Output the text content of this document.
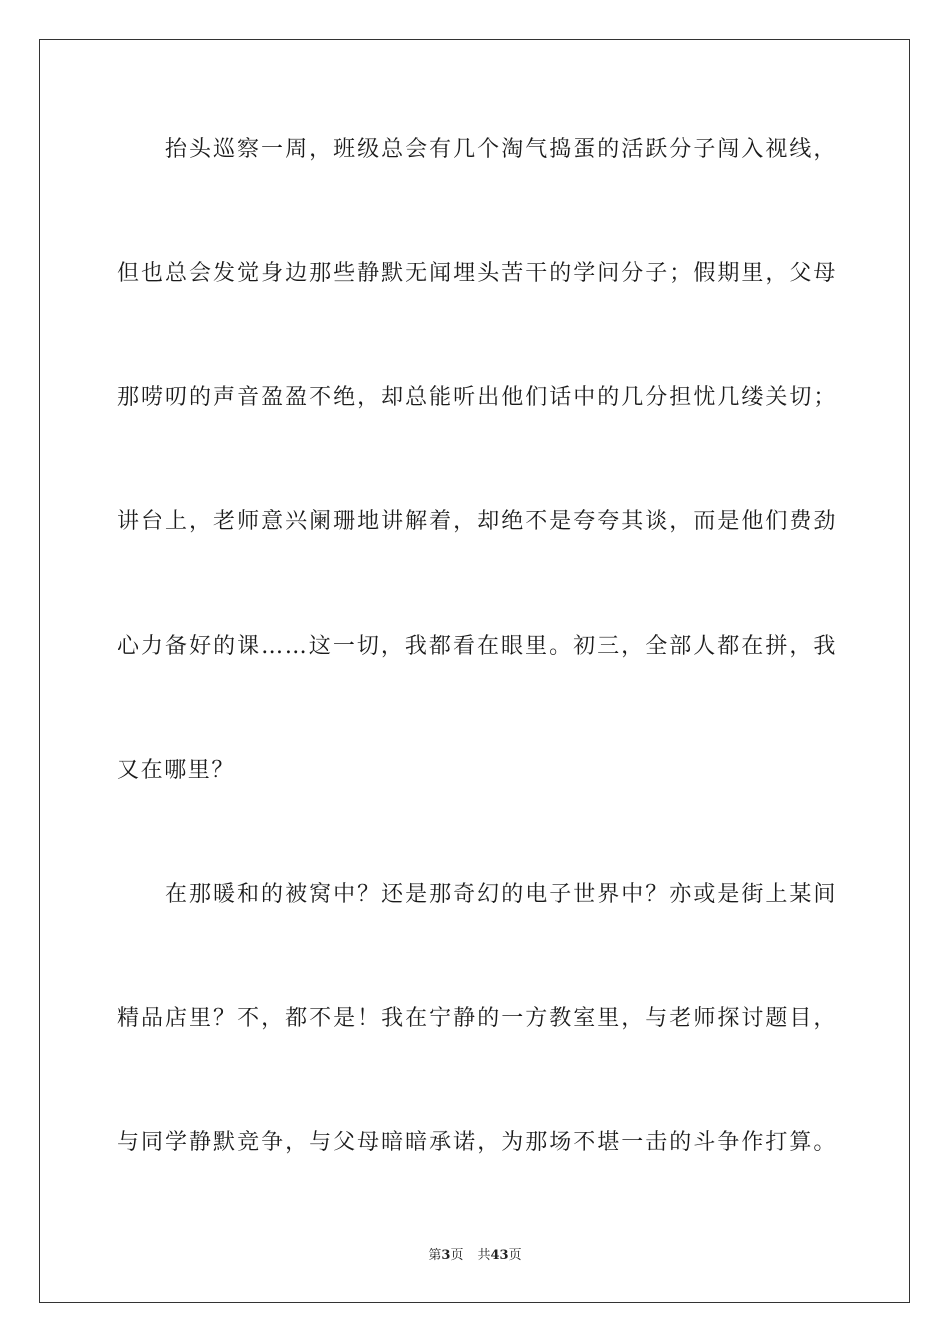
抬头巡察一周，班级总会有几个淘气捣蛋的活跃分子闯入视线，
但也总会发觉身边那些静默无闻埋头苦干的学问分子；假期里，父母
那唠叨的声音盈盈不绝，却总能听出他们话中的几分担忧几缕关切；
讲台上，老师意兴阑珊地讲解着，却绝不是夸夸其谈，而是他们费劲
心力备好的课……这一切，我都看在眼里。初三，全部人都在拼，我
又在哪里？
在那暖和的被窝中？还是那奇幻的电子世界中？亦或是街上某间
精品店里？不，都不是！我在宁静的一方教室里，与老师探讨题目，
与同学静默竞争，与父母暗暗承诺，为那场不堪一击的斗争作打算。
第3页 共43页
